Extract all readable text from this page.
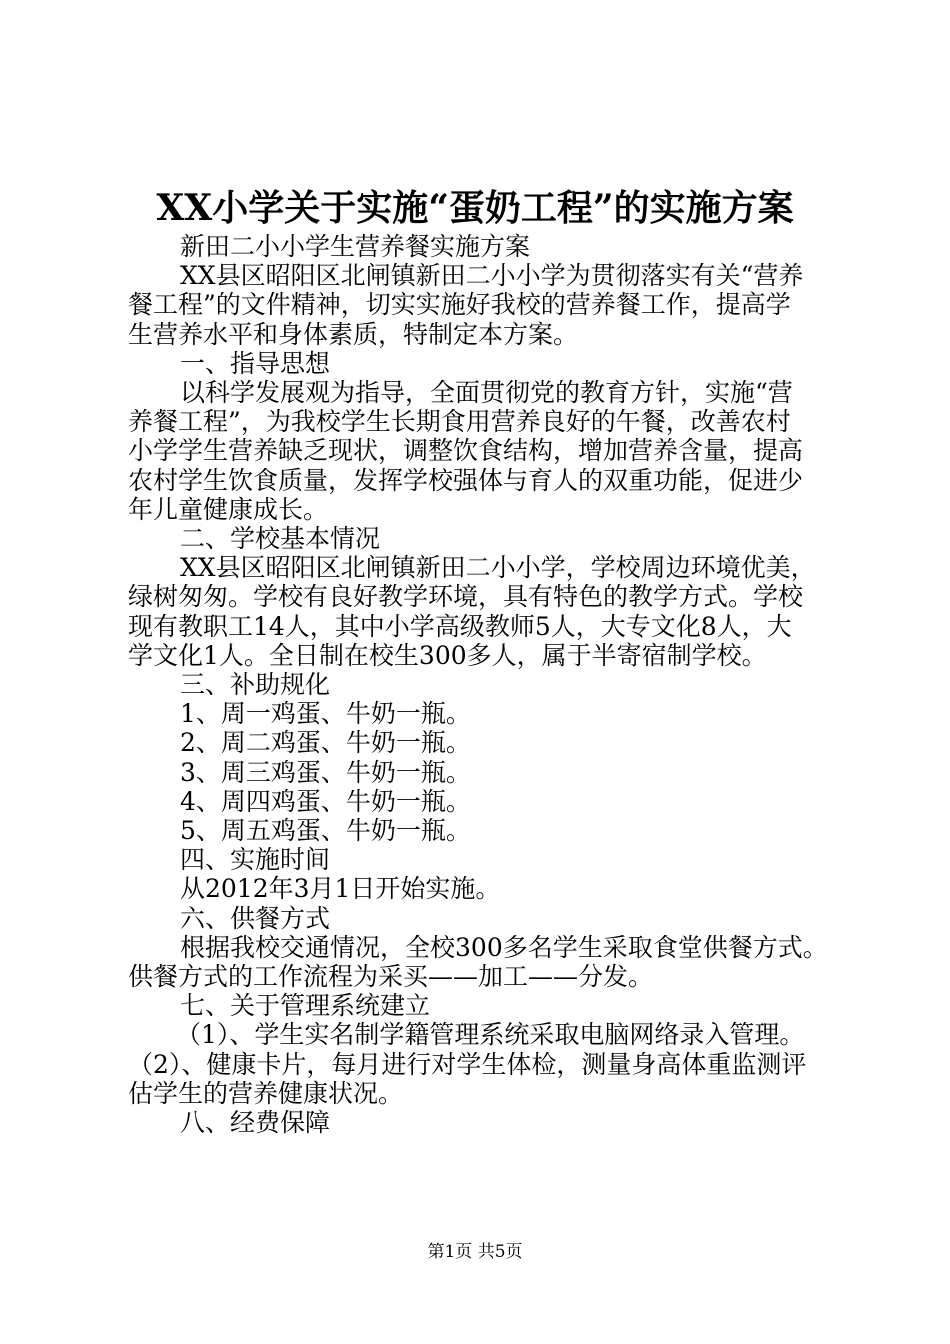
XX小学关于实施“蛋奶工程”的实施方案

新田二小小学生营养餐实施方案

XX县区昭阳区北闸镇新田二小小学为贯彻落实有关“营养

餐工程”的文件精神，切实实施好我校的营养餐工作，提高学

生营养水平和身体素质，特制定本方案。

一、指导思想

以科学发展观为指导，全面贯彻党的教育方针，实施“营

养餐工程”，为我校学生长期食用营养良好的午餐，改善农村

小学学生营养缺乏现状，调整饮食结构，增加营养含量，提高

农村学生饮食质量，发挥学校强体与育人的双重功能，促进少

年儿童健康成长。

二、学校基本情况

XX县区昭阳区北闸镇新田二小小学，学校周边环境优美，

绿树匆匆。学校有良好教学环境，具有特色的教学方式。学校

现有教职工14人，其中小学高级教师5人，大专文化8人，大

学文化1人。全日制在校生300多人，属于半寄宿制学校。

三、补助规化

1、周一鸡蛋、牛奶一瓶。

2、周二鸡蛋、牛奶一瓶。

3、周三鸡蛋、牛奶一瓶。

4、周四鸡蛋、牛奶一瓶。

5、周五鸡蛋、牛奶一瓶。

四、实施时间

从2012年3月1日开始实施。

六、供餐方式

根据我校交通情况，全校300多名学生采取食堂供餐方式。

供餐方式的工作流程为采买——加工——分发。

七、关于管理系统建立

（1）、学生实名制学籍管理系统采取电脑网络录入管理。

（2）、健康卡片，每月进行对学生体检，测量身高体重监测评

估学生的营养健康状况。

八、经费保障

第1页 共5页
